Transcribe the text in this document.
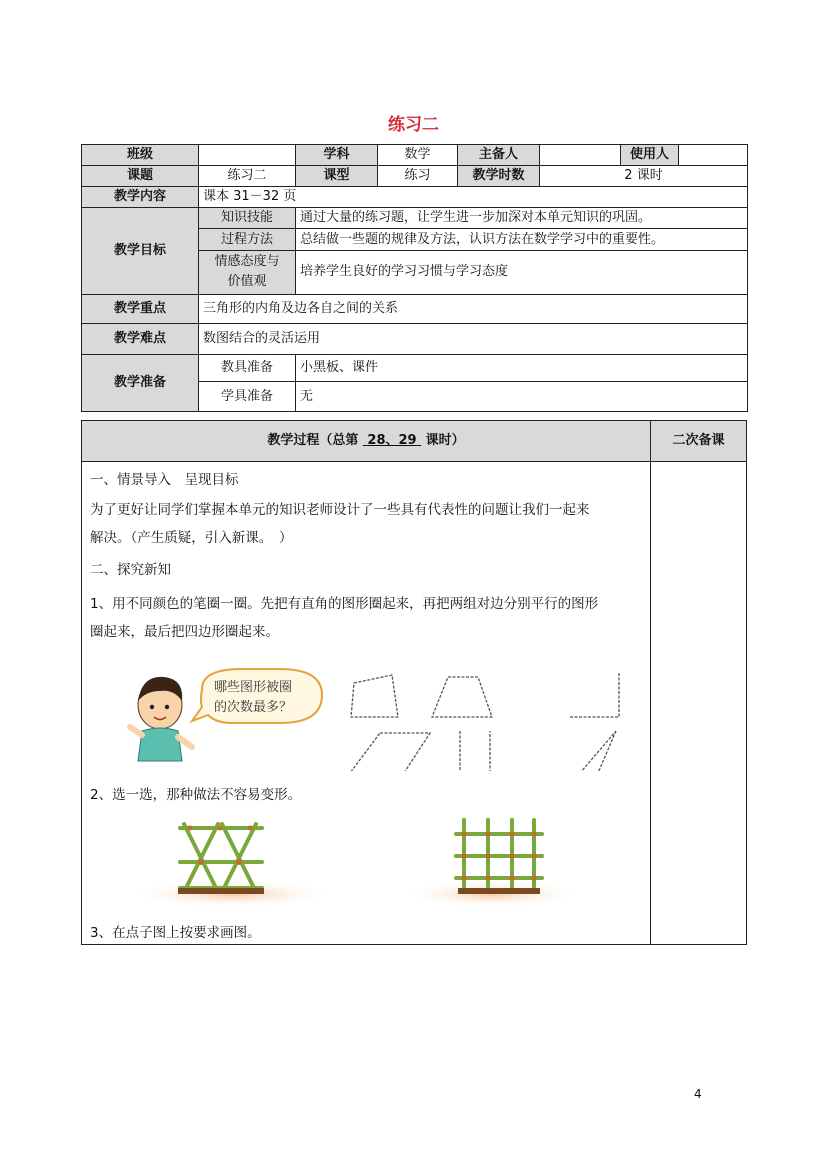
练习二
班级		学科	数学	主备人		使用人	
课题	练习二	课型	练习	教学时数	2 课时		
教学内容	课本 31－32 页						
教学目标	知识技能	通过大量的练习题，让学生进一步加深对本单元知识的巩固。					
	过程方法	总结做一些题的规律及方法，认识方法在数学学习中的重要性。					
	情感态度与
价值观	培养学生良好的学习习惯与学习态度					
教学重点	三角形的内角及边各自之间的关系						
教学难点	数图结合的灵活运用						
教学准备	教具准备	小黑板、课件					
	学具准备	无					
教学过程（总第 28、29 课时）	二次备课
一、情景导入　呈现目标
为了更好让同学们掌握本单元的知识老师设计了一些具有代表性的问题让我们一起来
解决。（产生质疑，引入新课。　）
二、探究新知
1、用不同颜色的笔圈一圈。先把有直角的图形圈起来，再把两组对边分别平行的图形
圈起来，最后把四边形圈起来。
哪些图形被圈
的次数最多？
2、选一选，那种做法不容易变形。
3、在点子图上按要求画图。
4
